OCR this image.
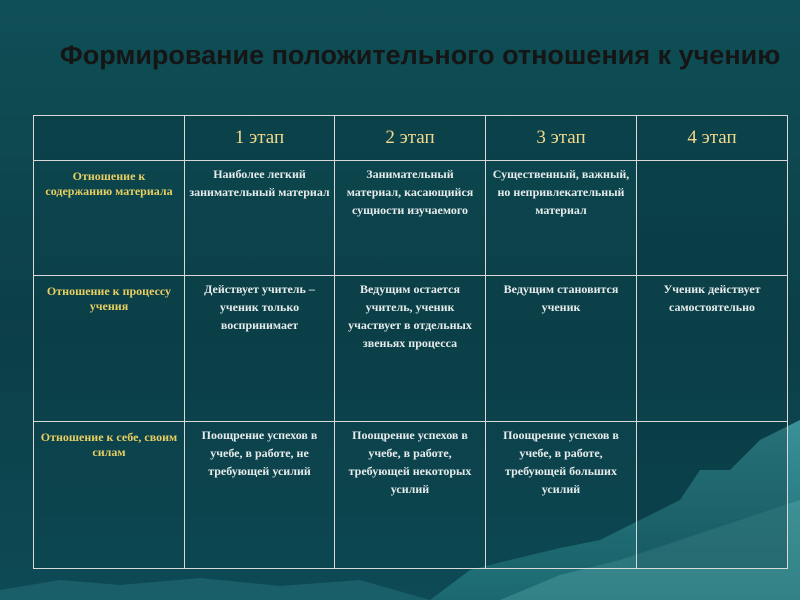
Формирование положительного отношения к учению
	1 этап	2 этап	3 этап	4 этап

Отношение к содержанию материала	Наиболее легкий занимательный материал	Занимательный материал, касающийся сущности изучаемого	Существенный, важный, но непривлекательный материал	

Отношение к процессу учения	Действует учитель – ученик только воспринимает	Ведущим остается учитель, ученик участвует в отдельных звеньях процесса	Ведущим становится ученик	Ученик действует самостоятельно

Отношение к себе, своим силам	Поощрение успехов в учебе, в работе, не требующей усилий	Поощрение успехов в учебе, в работе, требующей некоторых усилий	Поощрение успехов в учебе, в работе, требующей больших усилий	
